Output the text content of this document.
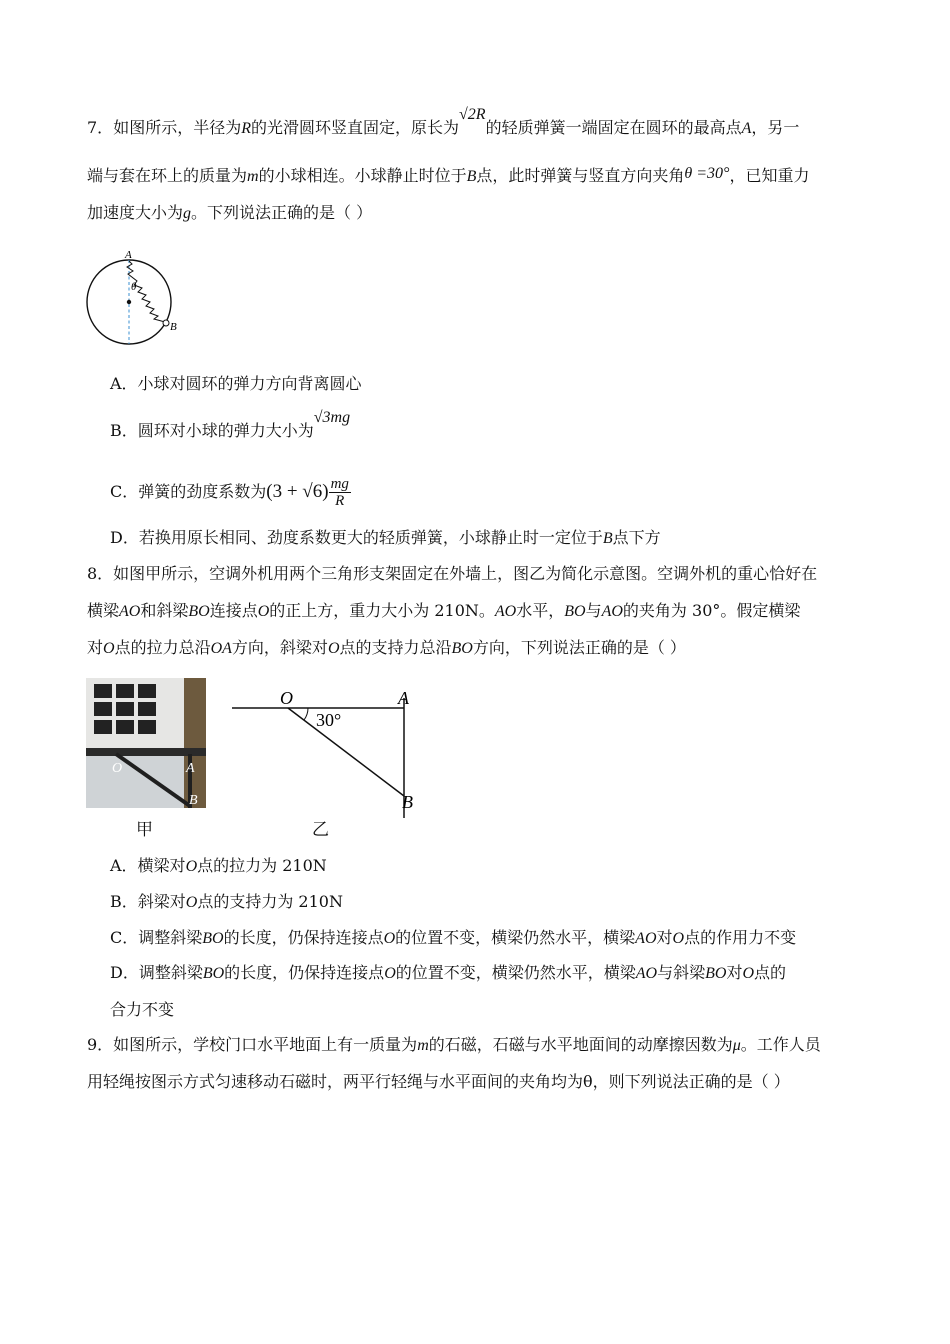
7．如图所示，半径为R的光滑圆环竖直固定，原长为√2R的轻质弹簧一端固定在圆环的最高点A，另一
端与套在环上的质量为m的小球相连。小球静止时位于B点，此时弹簧与竖直方向夹角θ =30°，已知重力
加速度大小为g。下列说法正确的是（ ）
A
B
θ
A．小球对圆环的弹力方向背离圆心
B．圆环对小球的弹力大小为√3mg
C．弹簧的劲度系数为$(3 + √6) \frac{mg}{R}$
D．若换用原长相同、劲度系数更大的轻质弹簧，小球静止时一定位于B点下方
8．如图甲所示，空调外机用两个三角形支架固定在外墙上，图乙为简化示意图。空调外机的重心恰好在
横梁AO和斜梁BO连接点O的正上方，重力大小为 210N。AO水平，BO与AO的夹角为 30°。假定横梁
对O点的拉力总沿OA方向，斜梁对O点的支持力总沿BO方向，下列说法正确的是（ ）
O	A
B
甲
O	A
B
30°
乙
A．横梁对O点的拉力为 210N
B．斜梁对O点的支持力为 210N
C．调整斜梁BO的长度，仍保持连接点O的位置不变，横梁仍然水平，横梁AO对O点的作用力不变
D．调整斜梁BO的长度，仍保持连接点O的位置不变，横梁仍然水平，横梁AO与斜梁BO对O点的
合力不变
9．如图所示，学校门口水平地面上有一质量为m的石磁，石磁与水平地面间的动摩擦因数为μ。工作人员
用轻绳按图示方式匀速移动石磁时，两平行轻绳与水平面间的夹角均为θ，则下列说法正确的是（ ）
